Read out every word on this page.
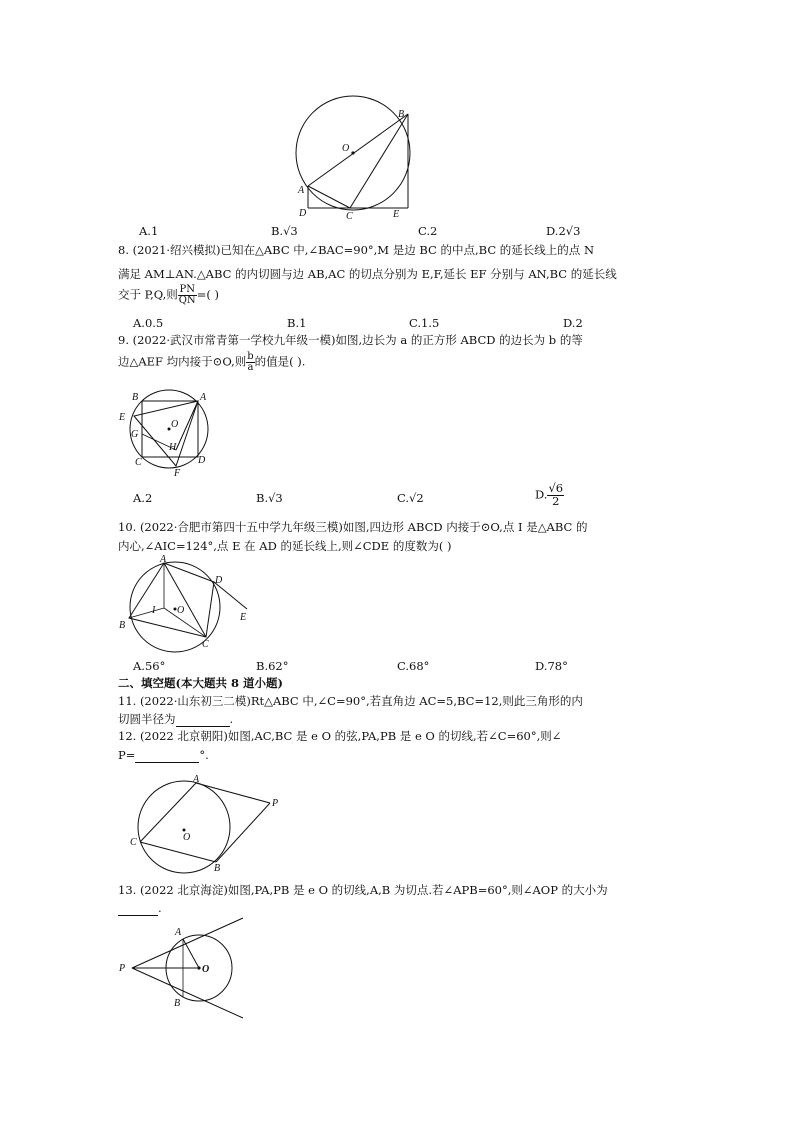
O
B
A
D	C	E
A.1	B.√3	C.2	D.2√3
8. (2021·绍兴模拟)已知在△ABC 中,∠BAC=90°,M 是边 BC 的中点,BC 的延长线上的点 N
满足 AM⊥AN.△ABC 的内切圆与边 AB,AC 的切点分别为 E,F,延长 EF 分别与 AN,BC 的延长线
交于 P,Q,则 $\frac{PN}{QN}$ =( )
A.0.5	B.1	C.1.5	D.2
9. (2022·武汉市常青第一学校九年级一模)如图,边长为 a 的正方形 ABCD 的边长为 b 的等
边△AEF 均内接于⊙O,则 $\frac{b}{a}$ 的值是( ).
B	A
E
O
G
H
C	D
F
A.2	B.√3	C.√2	D. $\frac{√6}{2}$
10. (2022·合肥市第四十五中学九年级三模)如图,四边形 ABCD 内接于⊙O,点 I 是△ABC 的
内心,∠AIC=124°,点 E 在 AD 的延长线上,则∠CDE 的度数为( )
A
D
E
I O
B
C
A.56°	B.62°	C.68°	D.78°
二、填空题(本大题共 8 道小题)
11. (2022·山东初三二模)Rt△ABC 中,∠C=90°,若直角边 AC=5,BC=12,则此三角形的内
切圆半径为	.
12. (2022 北京朝阳)如图,AC,BC 是 e O 的弦,PA,PB 是 e O 的切线,若∠C=60°,则∠
P=	°.
A
P
C	O
B
13. (2022 北京海淀)如图,PA,PB 是 e O 的切线,A,B 为切点.若∠APB=60°,则∠AOP 的大小为
.
A
P	O
B
